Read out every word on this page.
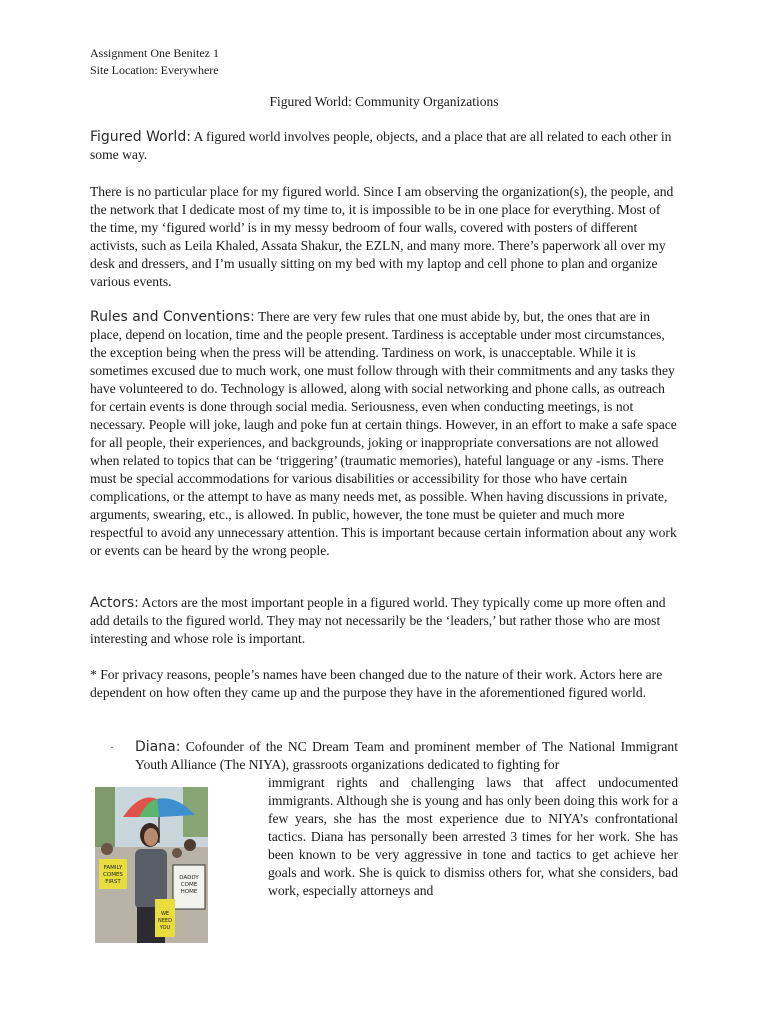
Assignment One Benitez 1
Site Location: Everywhere
Figured World: Community Organizations
Figured World: A figured world involves people, objects, and a place that are all related to each other in some way.
There is no particular place for my figured world. Since I am observing the organization(s), the people, and the network that I dedicate most of my time to, it is impossible to be in one place for everything. Most of the time, my ‘figured world’ is in my messy bedroom of four walls, covered with posters of different activists, such as Leila Khaled, Assata Shakur, the EZLN, and many more. There’s paperwork all over my desk and dressers, and I’m usually sitting on my bed with my laptop and cell phone to plan and organize various events.
Rules and Conventions: There are very few rules that one must abide by, but, the ones that are in place, depend on location, time and the people present. Tardiness is acceptable under most circumstances, the exception being when the press will be attending. Tardiness on work, is unacceptable. While it is sometimes excused due to much work, one must follow through with their commitments and any tasks they have volunteered to do. Technology is allowed, along with social networking and phone calls, as outreach for certain events is done through social media. Seriousness, even when conducting meetings, is not necessary. People will joke, laugh and poke fun at certain things. However, in an effort to make a safe space for all people, their experiences, and backgrounds, joking or inappropriate conversations are not allowed when related to topics that can be ‘triggering’ (traumatic memories), hateful language or any -isms. There must be special accommodations for various disabilities or accessibility for those who have certain complications, or the attempt to have as many needs met, as possible. When having discussions in private, arguments, swearing, etc., is allowed. In public, however, the tone must be quieter and much more respectful to avoid any unnecessary attention. This is important because certain information about any work or events can be heard by the wrong people.
Actors: Actors are the most important people in a figured world. They typically come up more often and add details to the figured world. They may not necessarily be the ‘leaders,’ but rather those who are most interesting and whose role is important.
* For privacy reasons, people’s names have been changed due to the nature of their work. Actors here are dependent on how often they came up and the purpose they have in the aforementioned figured world.
· Diana: Cofounder of the NC Dream Team and prominent member of The National Immigrant Youth Alliance (The NIYA), grassroots organizations dedicated to fighting for
immigrant rights and challenging laws that affect undocumented immigrants. Although she is young and has only been doing this work for a few years, she has the most experience due to NIYA’s confrontational tactics. Diana has personally been arrested 3 times for her work. She has been known to be very aggressive in tone and tactics to get achieve her goals and work. She is quick to dismiss others for, what she considers, bad work, especially attorneys and
FAMILY COMES FIRST
DADDY COME HOME
WE NEED YOU
